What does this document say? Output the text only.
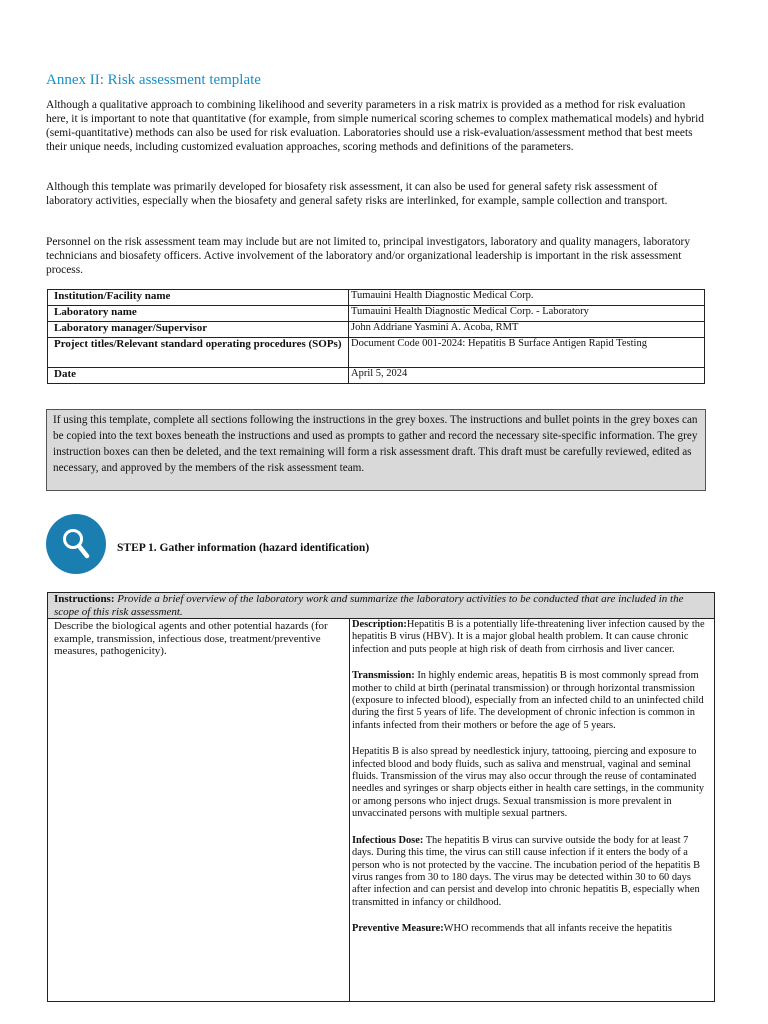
Annex II: Risk assessment template

Although a qualitative approach to combining likelihood and severity parameters in a risk matrix is provided as a method for risk evaluation here, it is important to note that quantitative (for example, from simple numerical scoring schemes to complex mathematical models) and hybrid (semi-quantitative) methods can also be used for risk evaluation. Laboratories should use a risk-evaluation/assessment method that best meets their unique needs, including customized evaluation approaches, scoring methods and definitions of the parameters.

Although this template was primarily developed for biosafety risk assessment, it can also be used for general safety risk assessment of laboratory activities, especially when the biosafety and general safety risks are interlinked, for example, sample collection and transport.

Personnel on the risk assessment team may include but are not limited to, principal investigators, laboratory and quality managers, laboratory technicians and biosafety officers. Active involvement of the laboratory and/or organizational leadership is important in the risk assessment process.

Institution/Facility name	Tumauini Health Diagnostic Medical Corp.
Laboratory name	Tumauini Health Diagnostic Medical Corp. - Laboratory
Laboratory manager/Supervisor	John Addriane Yasmini A. Acoba, RMT
Project titles/Relevant standard operating procedures (SOPs)	Document Code 001-2024: Hepatitis B Surface Antigen Rapid Testing
Date	April 5, 2024
If using this template, complete all sections following the instructions in the grey boxes. The instructions and bullet points in the grey boxes can be copied into the text boxes beneath the instructions and used as prompts to gather and record the necessary site-specific information. The grey instruction boxes can then be deleted, and the text remaining will form a risk assessment draft. This draft must be carefully reviewed, edited as necessary, and approved by the members of the risk assessment team.
STEP 1. Gather information (hazard identification)
Instructions: Provide a brief overview of the laboratory work and summarize the laboratory activities to be conducted that are included in the scope of this risk assessment.
Describe the biological agents and other potential hazards (for example, transmission, infectious dose, treatment/preventive measures, pathogenicity).	

Description:Hepatitis B is a potentially life-threatening liver infection caused by the hepatitis B virus (HBV). It is a major global health problem. It can cause chronic infection and puts people at high risk of death from cirrhosis and liver cancer.

Transmission: In highly endemic areas, hepatitis B is most commonly spread from mother to child at birth (perinatal transmission) or through horizontal transmission (exposure to infected blood), especially from an infected child to an uninfected child during the first 5 years of life. The development of chronic infection is common in infants infected from their mothers or before the age of 5 years.

Hepatitis B is also spread by needlestick injury, tattooing, piercing and exposure to infected blood and body fluids, such as saliva and menstrual, vaginal and seminal fluids. Transmission of the virus may also occur through the reuse of contaminated needles and syringes or sharp objects either in health care settings, in the community or among persons who inject drugs. Sexual transmission is more prevalent in unvaccinated persons with multiple sexual partners.

Infectious Dose: The hepatitis B virus can survive outside the body for at least 7 days. During this time, the virus can still cause infection if it enters the body of a person who is not protected by the vaccine. The incubation period of the hepatitis B virus ranges from 30 to 180 days. The virus may be detected within 30 to 60 days after infection and can persist and develop into chronic hepatitis B, especially when transmitted in infancy or childhood.

Preventive Measure:WHO recommends that all infants receive the hepatitis
